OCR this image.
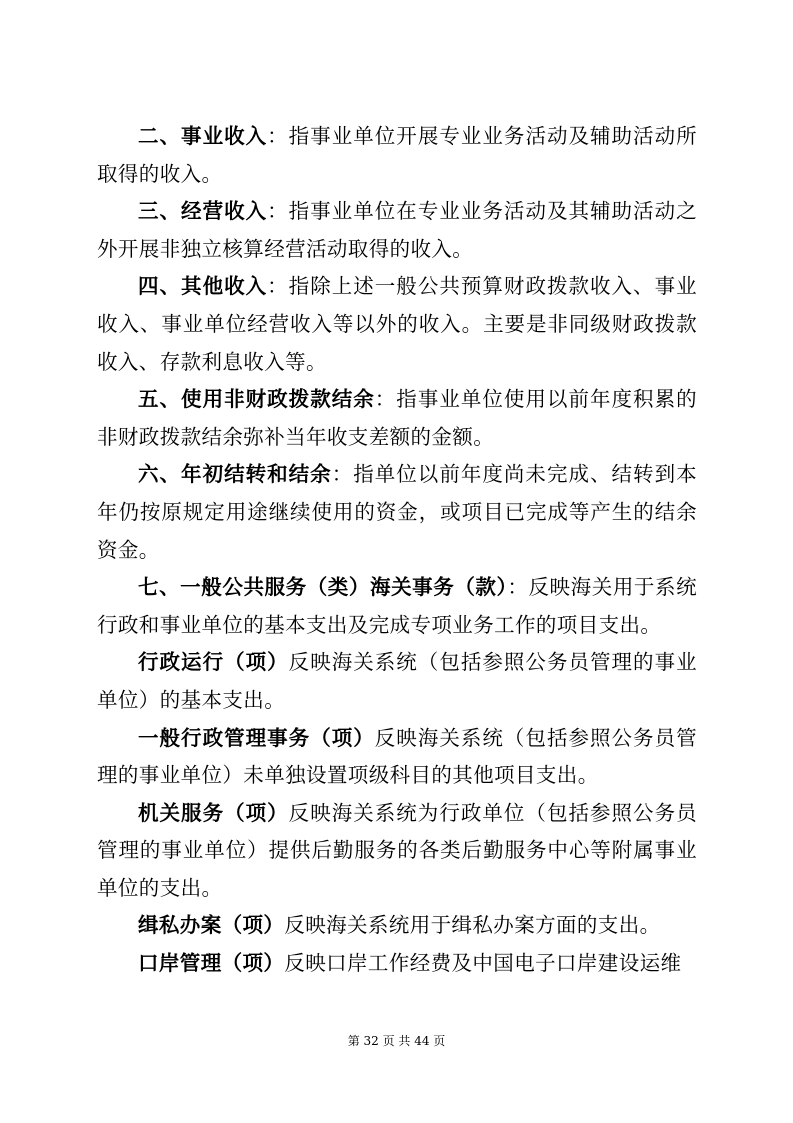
二、事业收入：指事业单位开展专业业务活动及辅助活动所取得的收入。

三、经营收入：指事业单位在专业业务活动及其辅助活动之外开展非独立核算经营活动取得的收入。

四、其他收入：指除上述一般公共预算财政拨款收入、事业收入、事业单位经营收入等以外的收入。主要是非同级财政拨款收入、存款利息收入等。

五、使用非财政拨款结余：指事业单位使用以前年度积累的非财政拨款结余弥补当年收支差额的金额。

六、年初结转和结余：指单位以前年度尚未完成、结转到本年仍按原规定用途继续使用的资金，或项目已完成等产生的结余资金。

七、一般公共服务（类）海关事务（款）：反映海关用于系统行政和事业单位的基本支出及完成专项业务工作的项目支出。

行政运行（项）反映海关系统（包括参照公务员管理的事业单位）的基本支出。

一般行政管理事务（项）反映海关系统（包括参照公务员管理的事业单位）未单独设置项级科目的其他项目支出。

机关服务（项）反映海关系统为行政单位（包括参照公务员管理的事业单位）提供后勤服务的各类后勤服务中心等附属事业单位的支出。

缉私办案（项）反映海关系统用于缉私办案方面的支出。

口岸管理（项）反映口岸工作经费及中国电子口岸建设运维

第 32 页 共 44 页
